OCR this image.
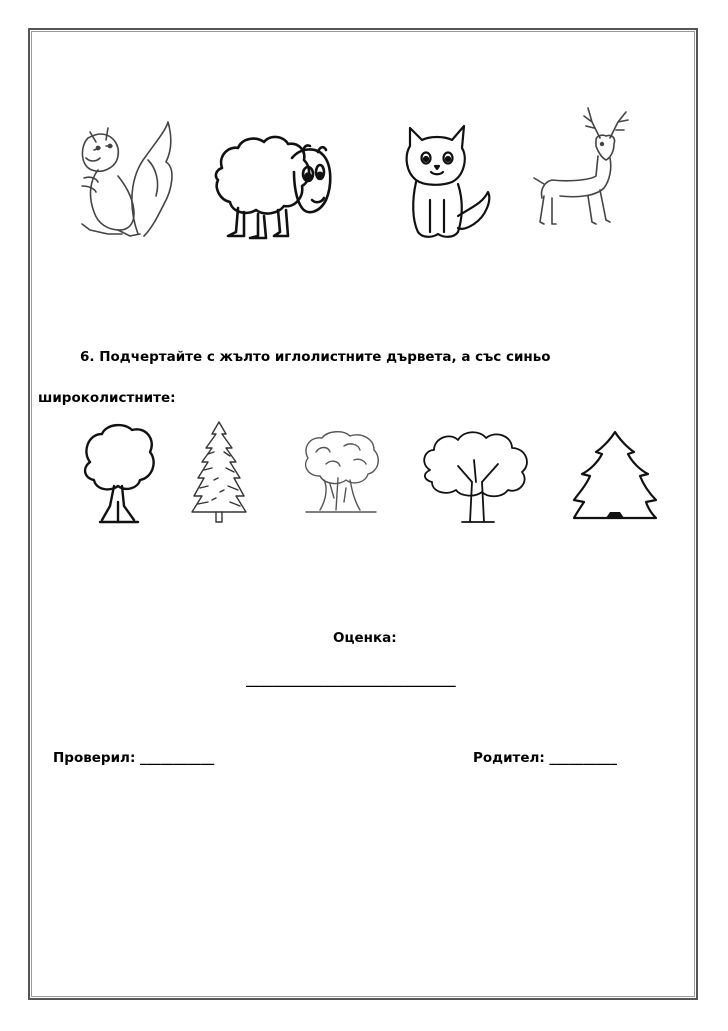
6. Подчертайте с жълто иглолистните дървета, а със синьо
широколистните:
Оценка:
________________________________
Проверил: ___________	Родител: __________
